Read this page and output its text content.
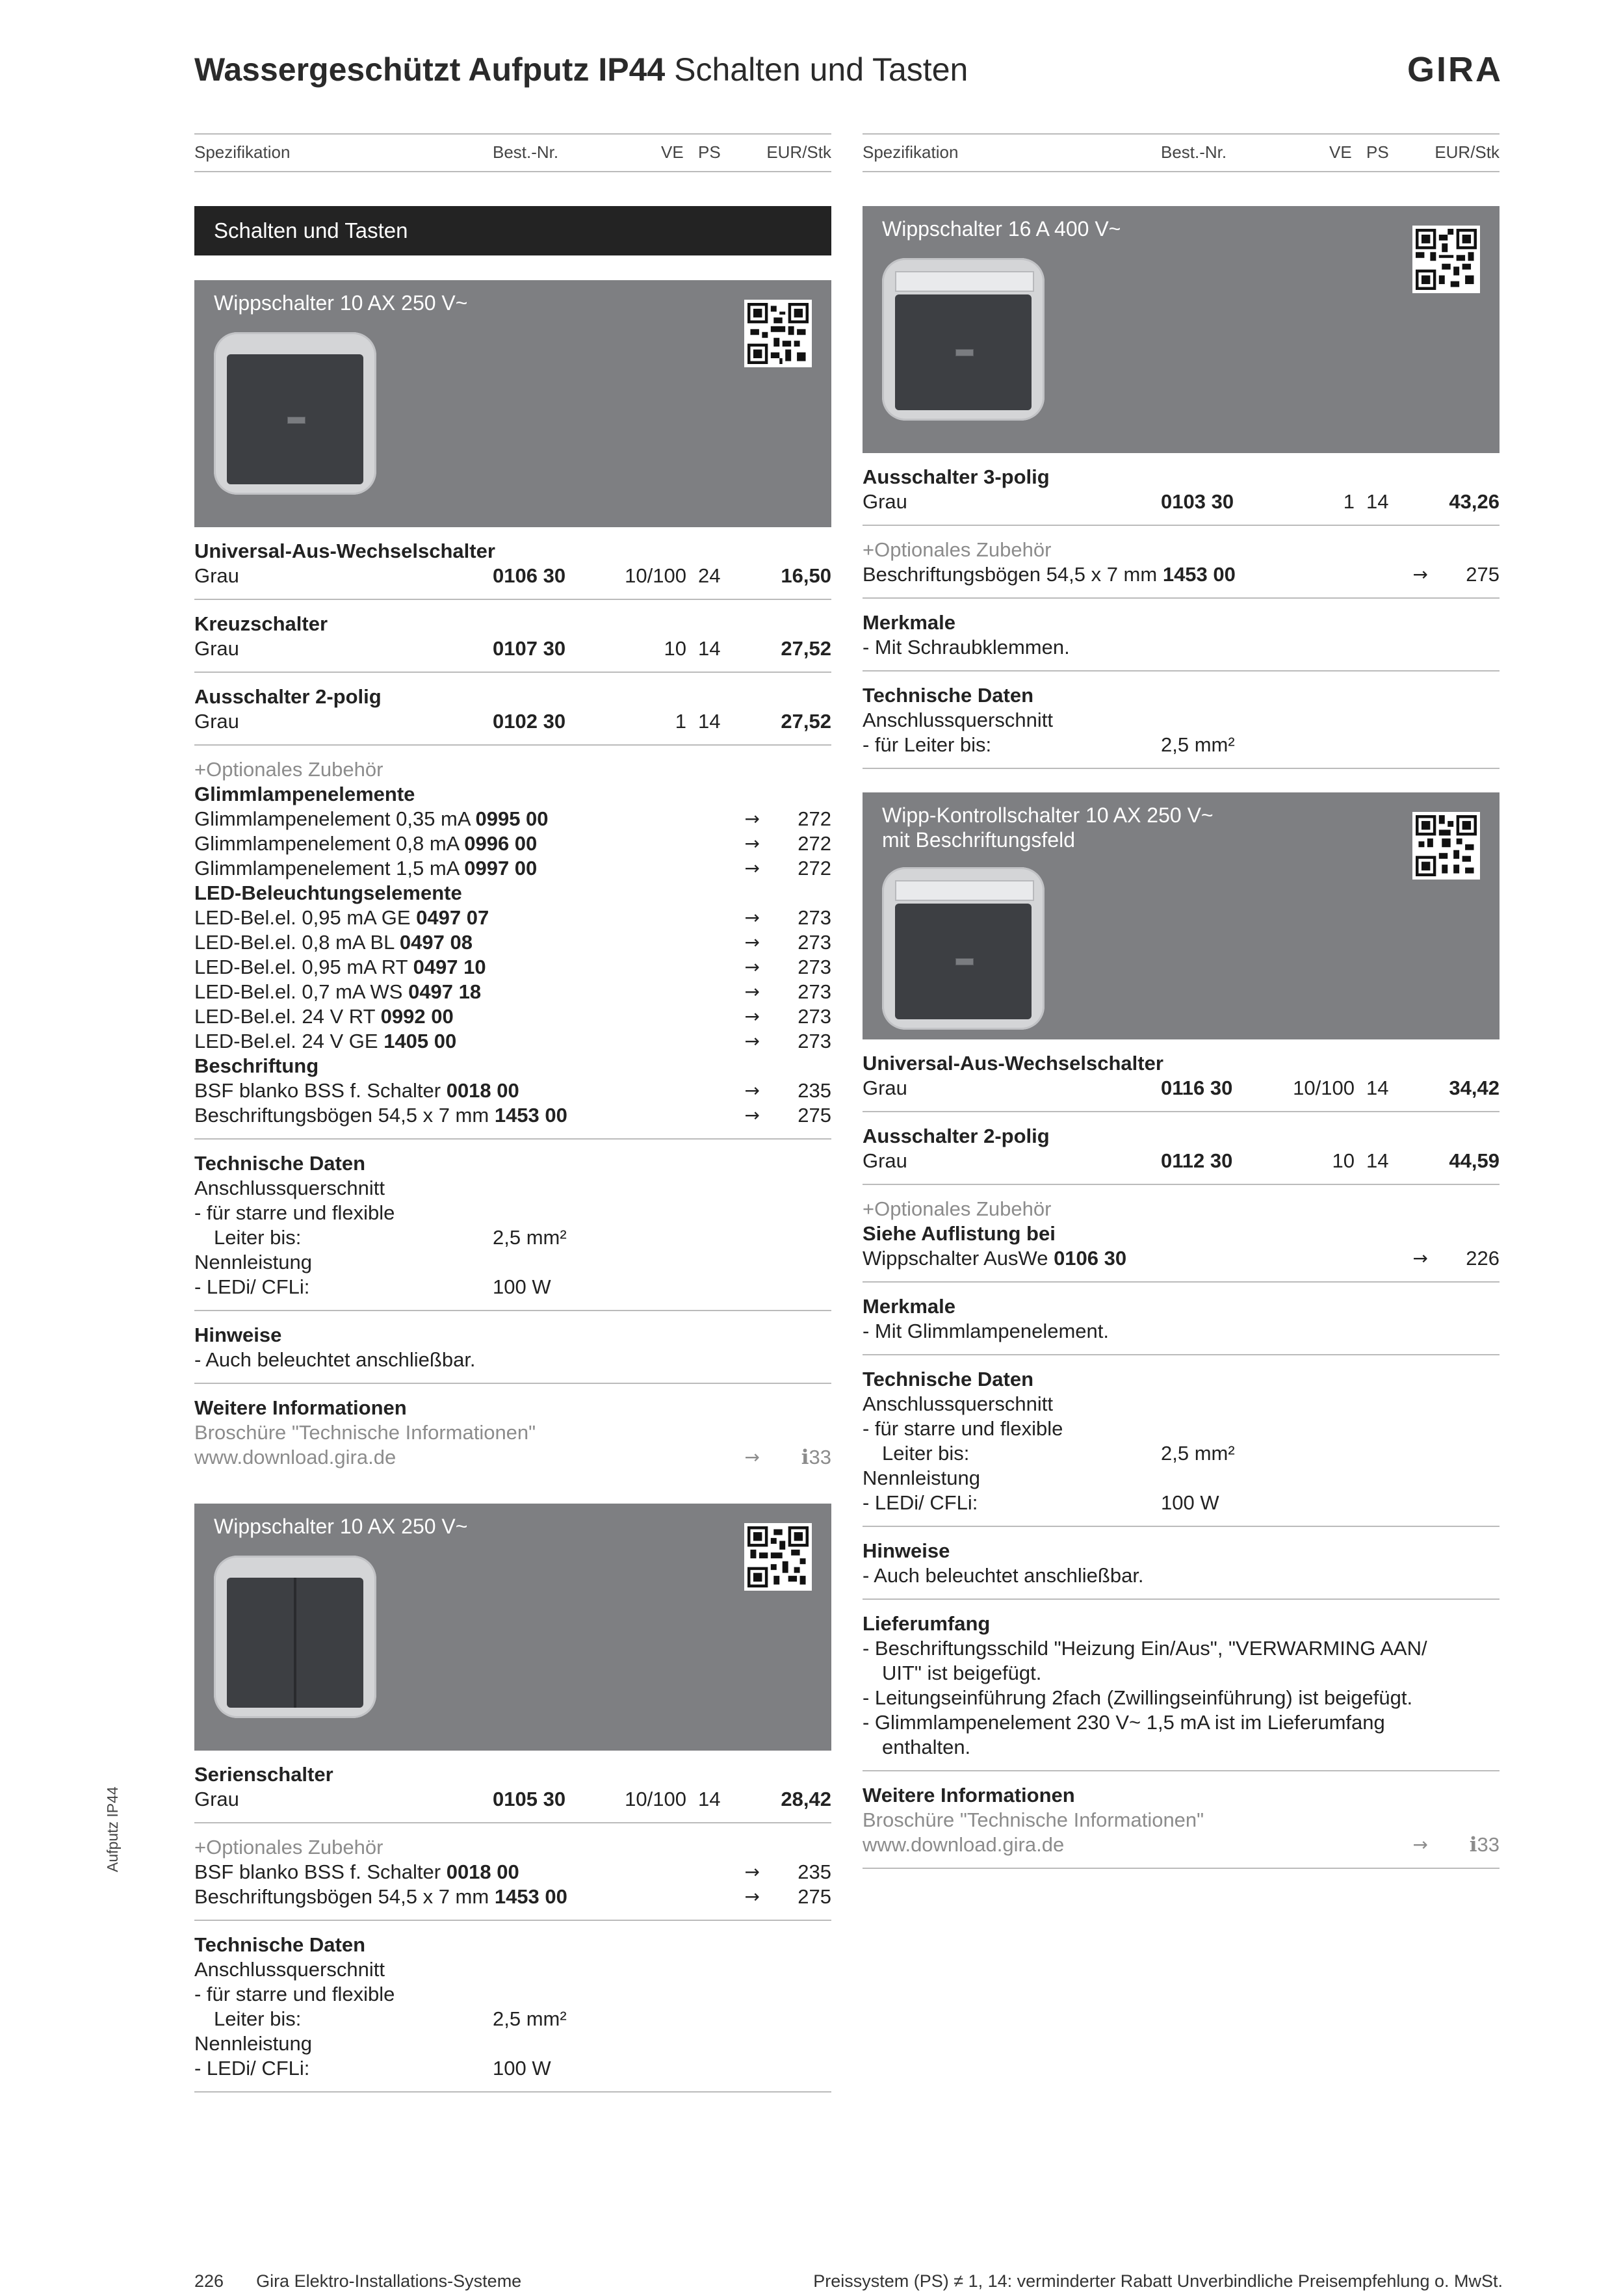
Wassergeschützt Aufputz IP44 Schalten und Tasten	GIRA
Aufputz IP44
Spezifikation	Best.-Nr.	VE PS	EUR/Stk
Schalten und Tasten
Wippschalter 10 AX 250 V~
Universal-Aus-Wechselschalter
Grau	0106 30	10/100 24	16,50
Kreuzschalter
Grau	0107 30	10 14	27,52
Ausschalter 2-polig
Grau	0102 30	1 14	27,52
+Optionales Zubehör
Glimmlampenelemente
Glimmlampenelement 0,35 mA 0995 00	→ 272
Glimmlampenelement 0,8 mA 0996 00	→ 272
Glimmlampenelement 1,5 mA 0997 00	→ 272
LED-Beleuchtungselemente
LED-Bel.el. 0,95 mA GE 0497 07	→ 273
LED-Bel.el. 0,8 mA BL 0497 08	→ 273
LED-Bel.el. 0,95 mA RT 0497 10	→ 273
LED-Bel.el. 0,7 mA WS 0497 18	→ 273
LED-Bel.el. 24 V RT 0992 00	→ 273
LED-Bel.el. 24 V GE 1405 00	→ 273
Beschriftung
BSF blanko BSS f. Schalter 0018 00	→ 235
Beschriftungsbögen 54,5 x 7 mm 1453 00	→ 275
Technische Daten
Anschlussquerschnitt
- für starre und flexible
Leiter bis:	2,5 mm²
Nennleistung
- LEDi/ CFLi:	100 W
Hinweise
- Auch beleuchtet anschließbar.
Weitere Informationen
Broschüre "Technische Informationen"
www.download.gira.de	→ ℹ33
Wippschalter 10 AX 250 V~
Serienschalter
Grau	0105 30	10/100 14	28,42
+Optionales Zubehör
BSF blanko BSS f. Schalter 0018 00	→ 235
Beschriftungsbögen 54,5 x 7 mm 1453 00	→ 275
Technische Daten
Anschlussquerschnitt
- für starre und flexible
Leiter bis:	2,5 mm²
Nennleistung
- LEDi/ CFLi:	100 W
Spezifikation	Best.-Nr.	VE PS	EUR/Stk
Wippschalter 16 A 400 V~
Ausschalter 3-polig
Grau	0103 30	1 14	43,26
+Optionales Zubehör
Beschriftungsbögen 54,5 x 7 mm 1453 00	→ 275
Merkmale
- Mit Schraubklemmen.
Technische Daten
Anschlussquerschnitt
- für Leiter bis:	2,5 mm²
Wipp-Kontrollschalter 10 AX 250 V~
mit Beschriftungsfeld
Universal-Aus-Wechselschalter
Grau	0116 30	10/100 14	34,42
Ausschalter 2-polig
Grau	0112 30	10 14	44,59
+Optionales Zubehör
Siehe Auflistung bei
Wippschalter AusWe 0106 30	→ 226
Merkmale
- Mit Glimmlampenelement.
Technische Daten
Anschlussquerschnitt
- für starre und flexible
Leiter bis:	2,5 mm²
Nennleistung
- LEDi/ CFLi:	100 W
Hinweise
- Auch beleuchtet anschließbar.
Lieferumfang
- Beschriftungsschild "Heizung Ein/Aus", "VERWARMING AAN/
UIT" ist beigefügt.
- Leitungseinführung 2fach (Zwillingseinführung) ist beigefügt.
- Glimmlampenelement 230 V~ 1,5 mA ist im Lieferumfang
enthalten.
Weitere Informationen
Broschüre "Technische Informationen"
www.download.gira.de	→ ℹ33
226 Gira Elektro-Installations-Systeme	Preissystem (PS) ≠ 1, 14: verminderter Rabatt Unverbindliche Preisempfehlung o. MwSt.
